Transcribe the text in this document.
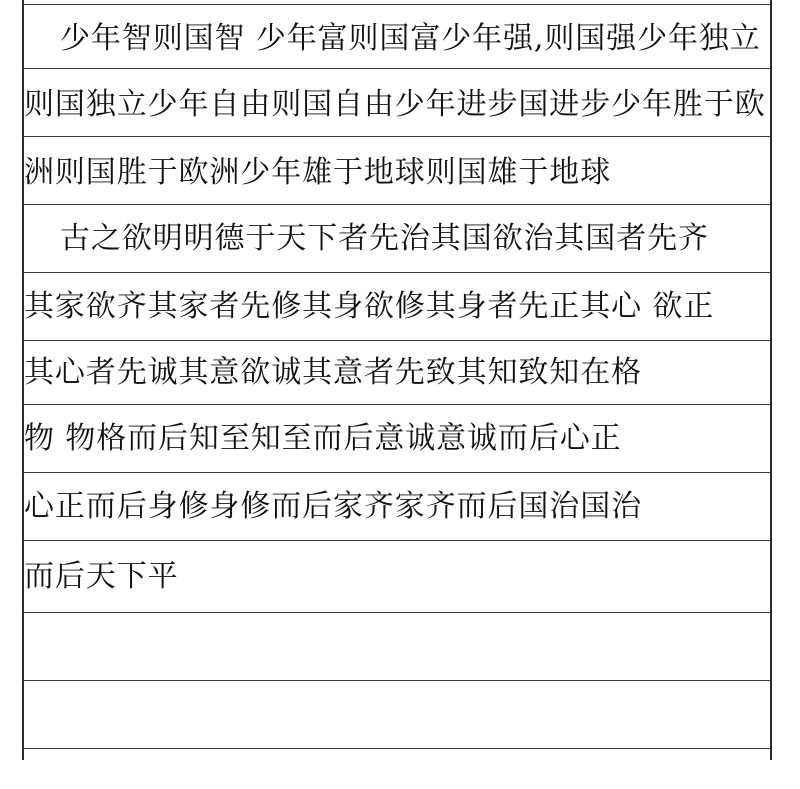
少年智则国智 少年富则国富少年强,则国强少年独立
则国独立少年自由则国自由少年进步国进步少年胜于欧
洲则国胜于欧洲少年雄于地球则国雄于地球
古之欲明明德于天下者先治其国欲治其国者先齐
其家欲齐其家者先修其身欲修其身者先正其心 欲正
其心者先诚其意欲诚其意者先致其知致知在格
物 物格而后知至知至而后意诚意诚而后心正
心正而后身修身修而后家齐家齐而后国治国治
而后天下平
